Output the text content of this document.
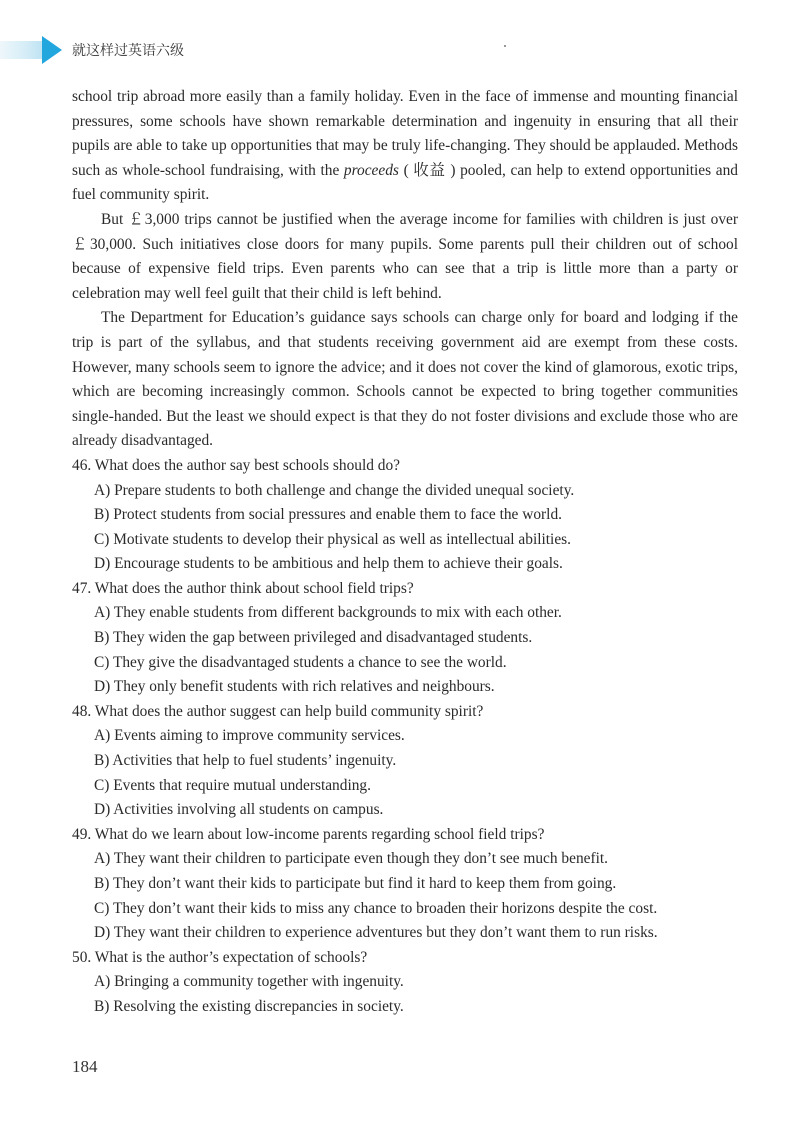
就这样过英语六级

school trip abroad more easily than a family holiday. Even in the face of immense and mounting financial pressures, some schools have shown remarkable determination and ingenuity in ensuring that all their pupils are able to take up opportunities that may be truly life-changing. They should be applauded. Methods such as whole-school fundraising, with the proceeds ( 收益 ) pooled, can help to extend opportunities and fuel community spirit.

But ￡3,000 trips cannot be justified when the average income for families with children is just over ￡30,000. Such initiatives close doors for many pupils. Some parents pull their children out of school because of expensive field trips. Even parents who can see that a trip is little more than a party or celebration may well feel guilt that their child is left behind.

The Department for Education’s guidance says schools can charge only for board and lodging if the trip is part of the syllabus, and that students receiving government aid are exempt from these costs. However, many schools seem to ignore the advice; and it does not cover the kind of glamorous, exotic trips, which are becoming increasingly common. Schools cannot be expected to bring together communities single-handed. But the least we should expect is that they do not foster divisions and exclude those who are already disadvantaged.

46. What does the author say best schools should do?

A) Prepare students to both challenge and change the divided unequal society.

B) Protect students from social pressures and enable them to face the world.

C) Motivate students to develop their physical as well as intellectual abilities.

D) Encourage students to be ambitious and help them to achieve their goals.

47. What does the author think about school field trips?

A) They enable students from different backgrounds to mix with each other.

B) They widen the gap between privileged and disadvantaged students.

C) They give the disadvantaged students a chance to see the world.

D) They only benefit students with rich relatives and neighbours.

48. What does the author suggest can help build community spirit?

A) Events aiming to improve community services.

B) Activities that help to fuel students’ ingenuity.

C) Events that require mutual understanding.

D) Activities involving all students on campus.

49. What do we learn about low-income parents regarding school field trips?

A) They want their children to participate even though they don’t see much benefit.

B) They don’t want their kids to participate but find it hard to keep them from going.

C) They don’t want their kids to miss any chance to broaden their horizons despite the cost.

D) They want their children to experience adventures but they don’t want them to run risks.

50. What is the author’s expectation of schools?

A) Bringing a community together with ingenuity.

B) Resolving the existing discrepancies in society.

184
